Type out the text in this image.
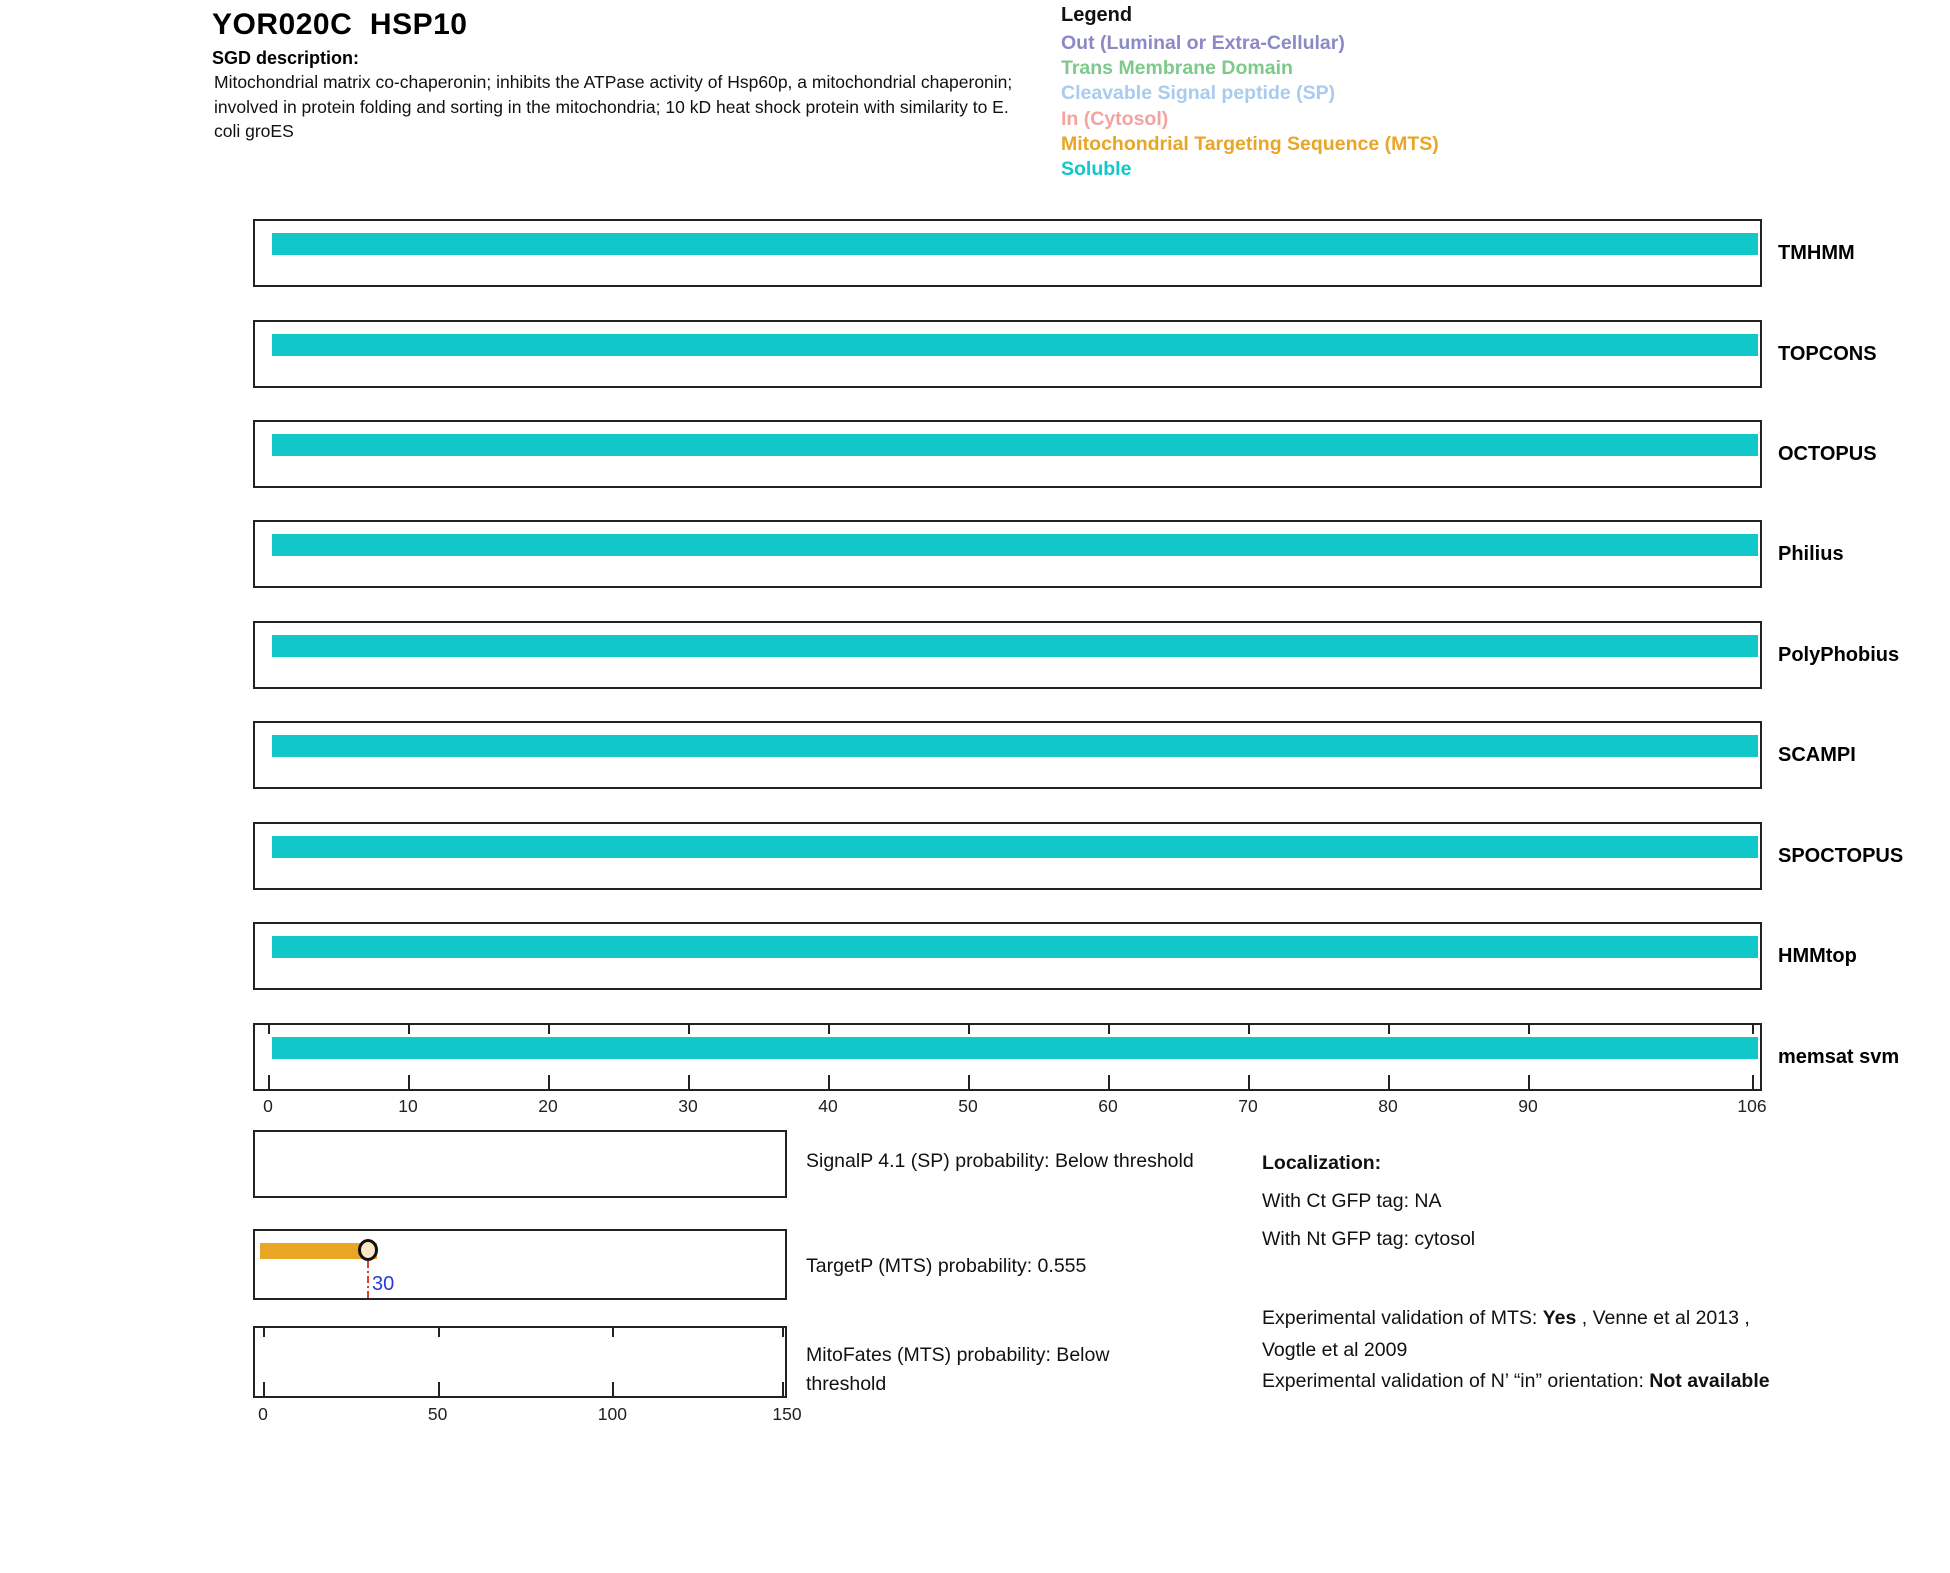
YOR020C  HSP10
SGD description:
Mitochondrial matrix co-chaperonin; inhibits the ATPase activity of Hsp60p, a mitochondrial chaperonin; involved in protein folding and sorting in the mitochondria; 10 kD heat shock protein with similarity to E. coli groES
Legend
Out (Luminal or Extra-Cellular)
Trans Membrane Domain
Cleavable Signal peptide (SP)
In (Cytosol)
Mitochondrial Targeting Sequence (MTS)
Soluble
TMHMM
TOPCONS
OCTOPUS
Philius
PolyPhobius
SCAMPI
SPOCTOPUS
HMMtop
memsat svm
0	10	20	30	40	50	60	70	80	90	106
30
0	50	100	150
SignalP 4.1 (SP) probability: Below threshold
TargetP (MTS) probability: 0.555
MitoFates (MTS) probability: Below threshold
Localization:
With Ct GFP tag: NA
With Nt GFP tag: cytosol

Experimental validation of MTS: Yes , Venne et al 2013 , Vogtle et al 2009

Experimental validation of N’ “in” orientation: Not available
